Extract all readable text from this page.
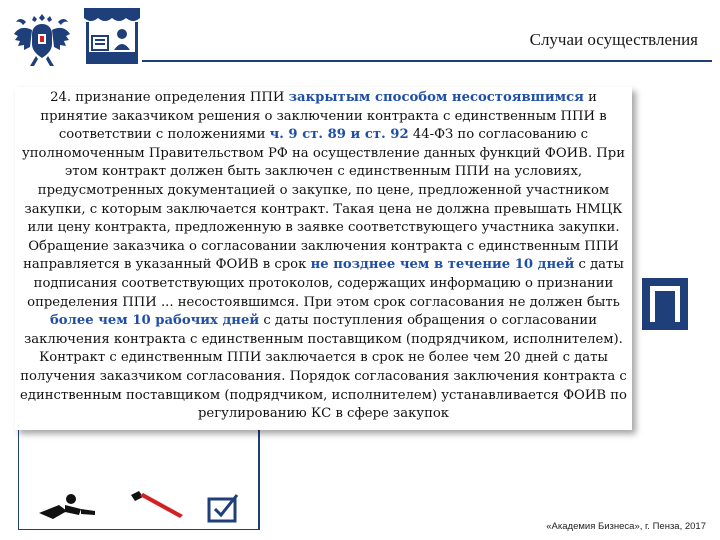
Случаи осуществления
24. признание определения ППИ закрытым способом несостоявшимся и принятие заказчиком решения о заключении контракта с единственным ППИ в соответствии с положениями ч. 9 ст. 89 и ст. 92 44-ФЗ по согласованию с уполномоченным Правительством РФ на осуществление данных функций ФОИВ. При этом контракт должен быть заключен с единственным ППИ на условиях, предусмотренных документацией о закупке, по цене, предложенной участником закупки, с которым заключается контракт. Такая цена не должна превышать НМЦК или цену контракта, предложенную в заявке соответствующего участника закупки. Обращение заказчика о согласовании заключения контракта с единственным ППИ направляется в указанный ФОИВ в срок не позднее чем в течение 10 дней с даты подписания соответствующих протоколов, содержащих информацию о признании определения ППИ ... несостоявшимся. При этом срок согласования не должен быть более чем 10 рабочих дней с даты поступления обращения о согласовании заключения контракта с единственным поставщиком (подрядчиком, исполнителем). Контракт с единственным ППИ заключается в срок не более чем 20 дней с даты получения заказчиком согласования. Порядок согласования заключения контракта с единственным поставщиком (подрядчиком, исполнителем) устанавливается ФОИВ по регулированию КС в сфере закупок
«Академия Бизнеса», г. Пенза, 2017
